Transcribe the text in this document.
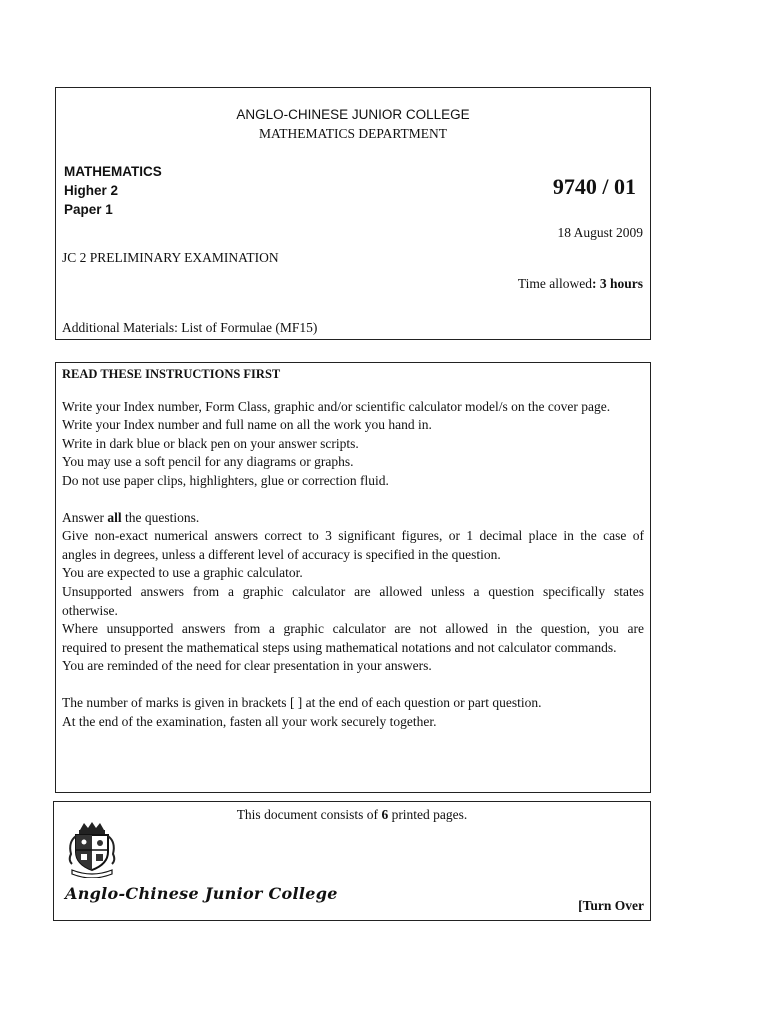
ANGLO-CHINESE JUNIOR COLLEGE
MATHEMATICS DEPARTMENT
MATHEMATICS
Higher 2
Paper 1
9740 / 01
18 August 2009
JC 2 PRELIMINARY EXAMINATION
Time allowed: 3 hours
Additional Materials: List of Formulae (MF15)
READ THESE INSTRUCTIONS FIRST

Write your Index number, Form Class, graphic and/or scientific calculator model/s on the cover page.

Write your Index number and full name on all the work you hand in.

Write in dark blue or black pen on your answer scripts.

You may use a soft pencil for any diagrams or graphs.

Do not use paper clips, highlighters, glue or correction fluid.

Answer all the questions.

Give non-exact numerical answers correct to 3 significant figures, or 1 decimal place in the case of

angles in degrees, unless a different level of accuracy is specified in the question.

You are expected to use a graphic calculator.

Unsupported answers from a graphic calculator are allowed unless a question specifically states

otherwise.

Where unsupported answers from a graphic calculator are not allowed in the question, you are

required to present the mathematical steps using mathematical notations and not calculator commands.

You are reminded of the need for clear presentation in your answers.

The number of marks is given in brackets [ ] at the end of each question or part question.

At the end of the examination, fasten all your work securely together.

This document consists of 6 printed pages.
Anglo-Chinese Junior College
[Turn Over
